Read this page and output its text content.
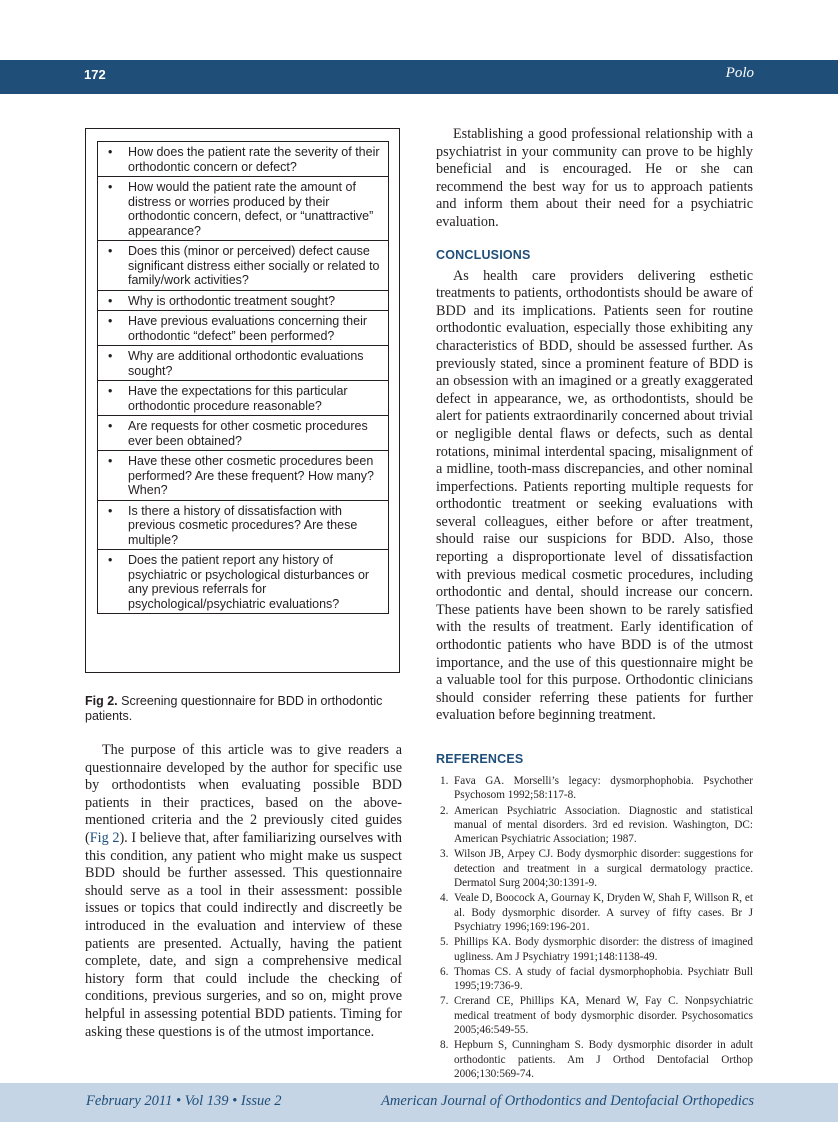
172	Polo
• How does the patient rate the severity of their orthodontic concern or defect?
• How would the patient rate the amount of distress or worries produced by their orthodontic concern, defect, or “unattractive” appearance?
• Does this (minor or perceived) defect cause significant distress either socially or related to family/work activities?
• Why is orthodontic treatment sought?
• Have previous evaluations concerning their orthodontic “defect” been performed?
• Why are additional orthodontic evaluations sought?
• Have the expectations for this particular orthodontic procedure reasonable?
• Are requests for other cosmetic procedures ever been obtained?
• Have these other cosmetic procedures been performed? Are these frequent? How many? When?
• Is there a history of dissatisfaction with previous cosmetic procedures? Are these multiple?
• Does the patient report any history of psychiatric or psychological disturbances or any previous referrals for psychological/psychiatric evaluations?
Fig 2. Screening questionnaire for BDD in orthodontic patients.

The purpose of this article was to give readers a questionnaire developed by the author for specific use by orthodontists when evaluating possible BDD patients in their practices, based on the above-mentioned criteria and the 2 previously cited guides (Fig 2). I believe that, after familiarizing ourselves with this condition, any patient who might make us suspect BDD should be further assessed. This questionnaire should serve as a tool in their assessment: possible issues or topics that could indirectly and discreetly be introduced in the evaluation and interview of these patients are presented. Actually, having the patient complete, date, and sign a comprehensive medical history form that could include the checking of conditions, previous surgeries, and so on, might prove helpful in assessing potential BDD patients. Timing for asking these questions is of the utmost importance.

Establishing a good professional relationship with a psychiatrist in your community can prove to be highly beneficial and is encouraged. He or she can recommend the best way for us to approach patients and inform them about their need for a psychiatric evaluation.

CONCLUSIONS

As health care providers delivering esthetic treatments to patients, orthodontists should be aware of BDD and its implications. Patients seen for routine orthodontic evaluation, especially those exhibiting any characteristics of BDD, should be assessed further. As previously stated, since a prominent feature of BDD is an obsession with an imagined or a greatly exaggerated defect in appearance, we, as orthodontists, should be alert for patients extraordinarily concerned about trivial or negligible dental flaws or defects, such as dental rotations, minimal interdental spacing, misalignment of a midline, tooth-mass discrepancies, and other nominal imperfections. Patients reporting multiple requests for orthodontic treatment or seeking evaluations with several colleagues, either before or after treatment, should raise our suspicions for BDD. Also, those reporting a disproportionate level of dissatisfaction with previous medical cosmetic procedures, including orthodontic and dental, should increase our concern. These patients have been shown to be rarely satisfied with the results of treatment. Early identification of orthodontic patients who have BDD is of the utmost importance, and the use of this questionnaire might be a valuable tool for this purpose. Orthodontic clinicians should consider referring these patients for further evaluation before beginning treatment.

REFERENCES
1. Fava GA. Morselli’s legacy: dysmorphophobia. Psychother Psychosom 1992;58:117-8.
2. American Psychiatric Association. Diagnostic and statistical manual of mental disorders. 3rd ed revision. Washington, DC: American Psychiatric Association; 1987.
3. Wilson JB, Arpey CJ. Body dysmorphic disorder: suggestions for detection and treatment in a surgical dermatology practice. Dermatol Surg 2004;30:1391-9.
4. Veale D, Boocock A, Gournay K, Dryden W, Shah F, Willson R, et al. Body dysmorphic disorder. A survey of fifty cases. Br J Psychiatry 1996;169:196-201.
5. Phillips KA. Body dysmorphic disorder: the distress of imagined ugliness. Am J Psychiatry 1991;148:1138-49.
6. Thomas CS. A study of facial dysmorphophobia. Psychiatr Bull 1995;19:736-9.
7. Crerand CE, Phillips KA, Menard W, Fay C. Nonpsychiatric medical treatment of body dysmorphic disorder. Psychosomatics 2005;46:549-55.
8. Hepburn S, Cunningham S. Body dysmorphic disorder in adult orthodontic patients. Am J Orthod Dentofacial Orthop 2006;130:569-74.
February 2011 • Vol 139 • Issue 2	American Journal of Orthodontics and Dentofacial Orthopedics
